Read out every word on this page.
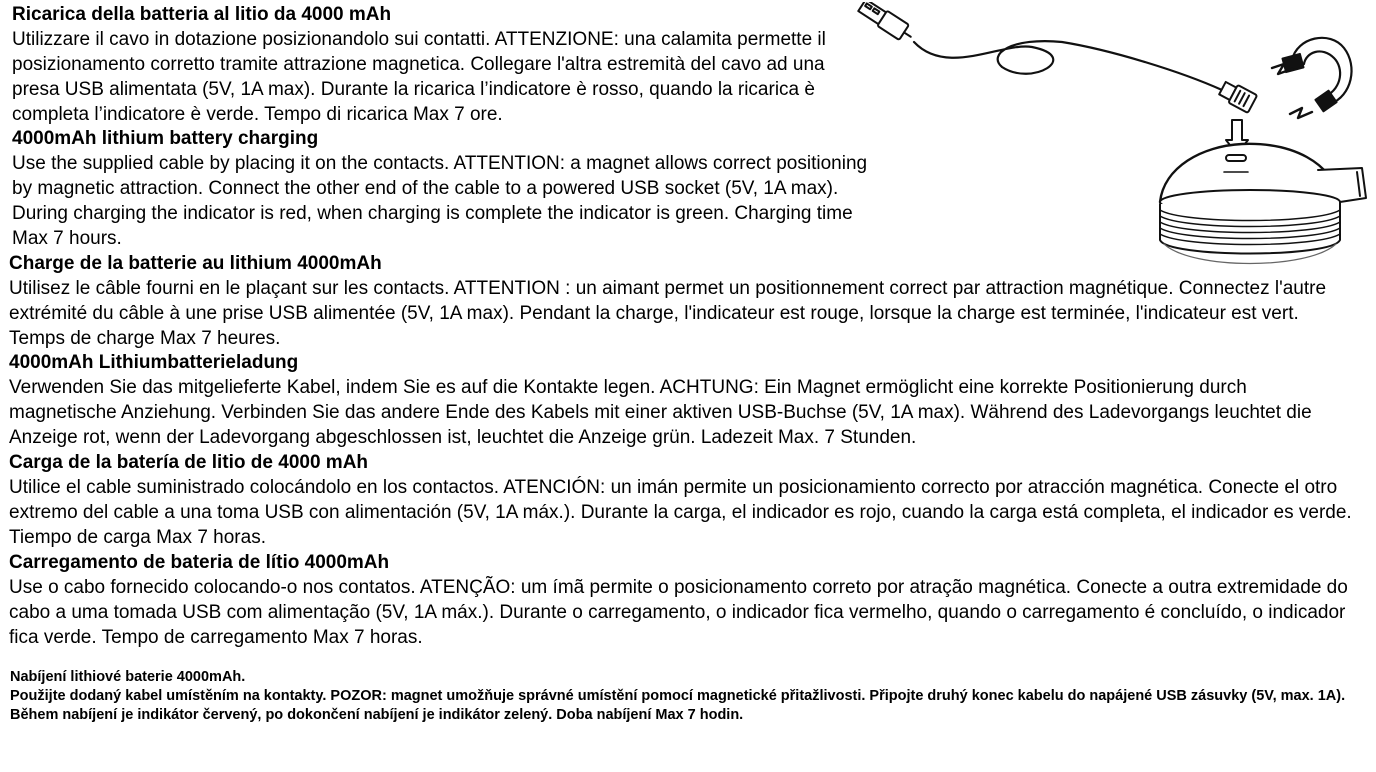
Ricarica della batteria al litio da 4000 mAh

Utilizzare il cavo in dotazione posizionandolo sui contatti. ATTENZIONE: una calamita permette il posizionamento corretto tramite attrazione magnetica. Collegare l'altra estremità del cavo ad una presa USB alimentata (5V, 1A max). Durante la ricarica l’indicatore è rosso, quando la ricarica è completa l’indicatore è verde. Tempo di ricarica Max 7 ore.

4000mAh lithium battery charging

Use the supplied cable by placing it on the contacts. ATTENTION: a magnet allows correct positioning by magnetic attraction. Connect the other end of the cable to a powered USB socket (5V, 1A max). During charging the indicator is red, when charging is complete the indicator is green. Charging time Max 7 hours.

Charge de la batterie au lithium 4000mAh

Utilisez le câble fourni en le plaçant sur les contacts. ATTENTION : un aimant permet un positionnement correct par attraction magnétique. Connectez l'autre extrémité du câble à une prise USB alimentée (5V, 1A max). Pendant la charge, l'indicateur est rouge, lorsque la charge est terminée, l'indicateur est vert. Temps de charge Max 7 heures.

4000mAh Lithiumbatterieladung

Verwenden Sie das mitgelieferte Kabel, indem Sie es auf die Kontakte legen. ACHTUNG: Ein Magnet ermöglicht eine korrekte Positionierung durch magnetische Anziehung. Verbinden Sie das andere Ende des Kabels mit einer aktiven USB-Buchse (5V, 1A max). Während des Ladevorgangs leuchtet die Anzeige rot, wenn der Ladevorgang abgeschlossen ist, leuchtet die Anzeige grün. Ladezeit Max. 7 Stunden.

Carga de la batería de litio de 4000 mAh

Utilice el cable suministrado colocándolo en los contactos. ATENCIÓN: un imán permite un posicionamiento correcto por atracción magnética. Conecte el otro extremo del cable a una toma USB con alimentación (5V, 1A máx.). Durante la carga, el indicador es rojo, cuando la carga está completa, el indicador es verde. Tiempo de carga Max 7 horas.

Carregamento de bateria de lítio 4000mAh

Use o cabo fornecido colocando-o nos contatos. ATENÇÃO: um ímã permite o posicionamento correto por atração magnética. Conecte a outra extremidade do cabo a uma tomada USB com alimentação (5V, 1A máx.). Durante o carregamento, o indicador fica vermelho, quando o carregamento é concluído, o indicador fica verde. Tempo de carregamento Max 7 horas.

Nabíjení lithiové baterie 4000mAh.

Použijte dodaný kabel umístěním na kontakty. POZOR: magnet umožňuje správné umístění pomocí magnetické přitažlivosti. Připojte druhý konec kabelu do napájené USB zásuvky (5V, max. 1A). Během nabíjení je indikátor červený, po dokončení nabíjení je indikátor zelený. Doba nabíjení Max 7 hodin.
